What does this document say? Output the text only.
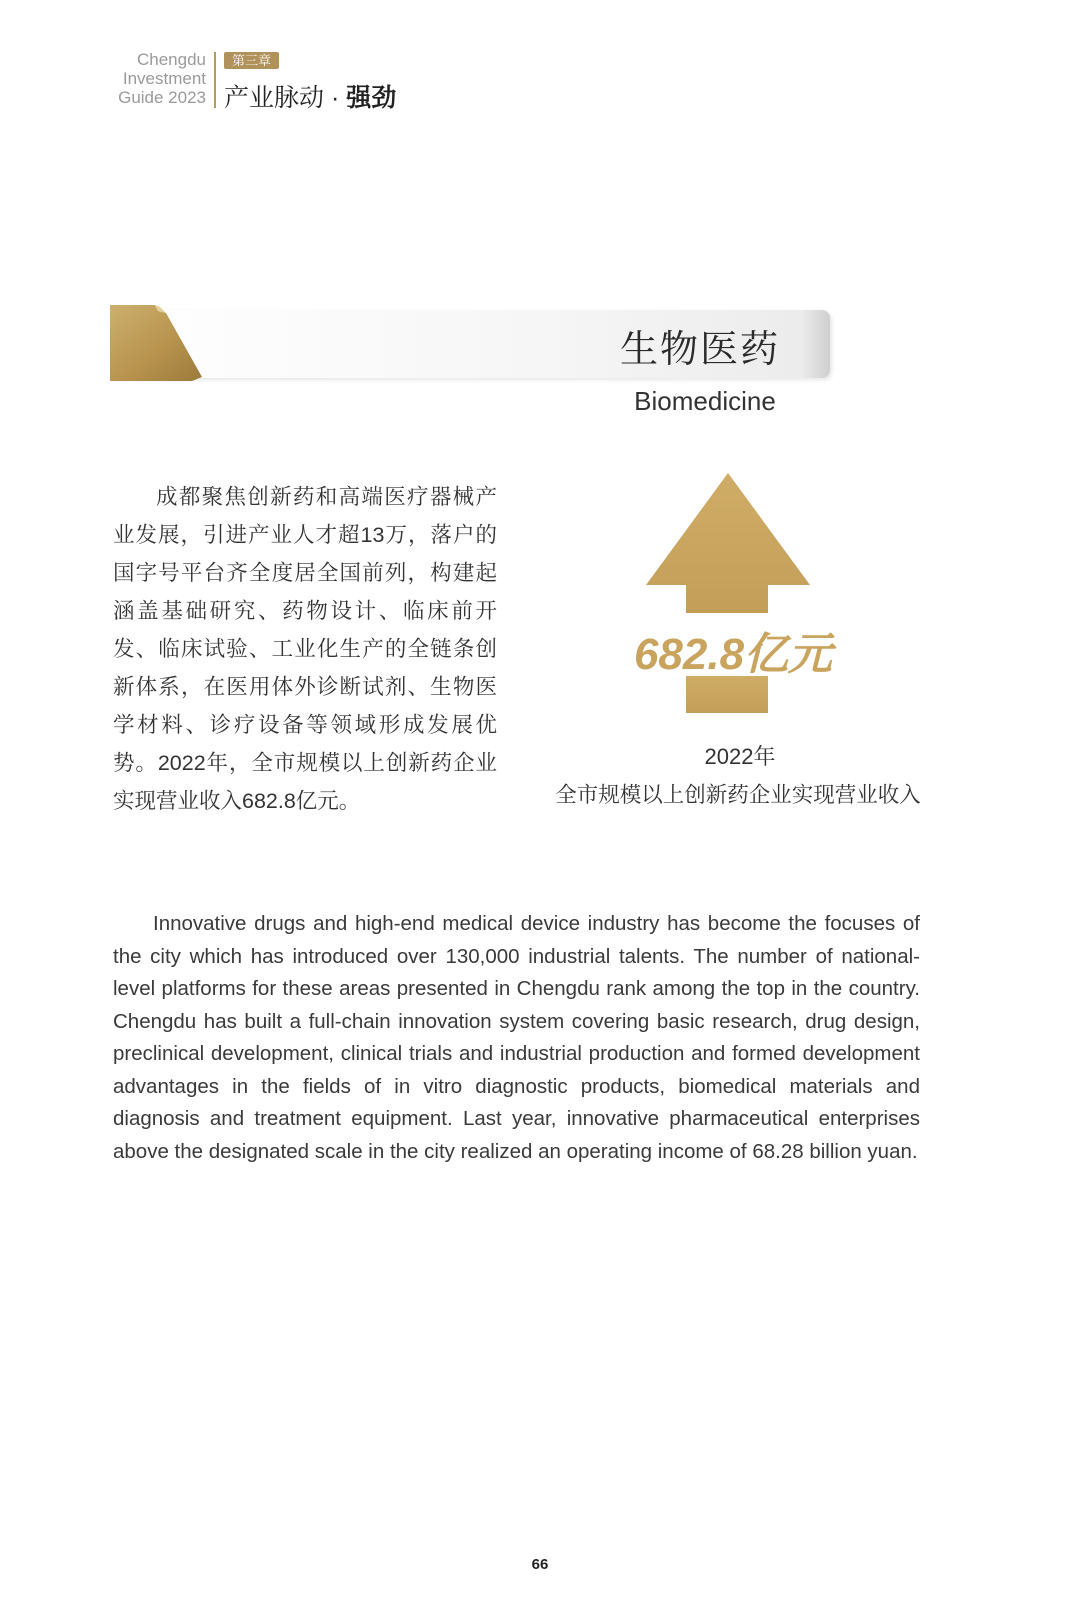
Chengdu
Investment
Guide 2023
第三章
产业脉动 · 强劲
生物医药
Biomedicine
成都聚焦创新药和高端医疗器械产业发展，引进产业人才超13万，落户的国字号平台齐全度居全国前列，构建起涵盖基础研究、药物设计、临床前开发、临床试验、工业化生产的全链条创新体系，在医用体外诊断试剂、生物医学材料、诊疗设备等领域形成发展优势。2022年，全市规模以上创新药企业实现营业收入682.8亿元。
682.8亿元
2022年
全市规模以上创新药企业实现营业收入
Innovative drugs and high-end medical device industry has become the focuses of the city which has introduced over 130,000 industrial talents. The number of national-level platforms for these areas presented in Chengdu rank among the top in the country. Chengdu has built a full-chain innovation system covering basic research, drug design, preclinical development, clinical trials and industrial production and formed development advantages in the fields of in vitro diagnostic products, biomedical materials and diagnosis and treatment equipment. Last year, innovative pharmaceutical enterprises above the designated scale in the city realized an operating income of 68.28 billion yuan.
66
